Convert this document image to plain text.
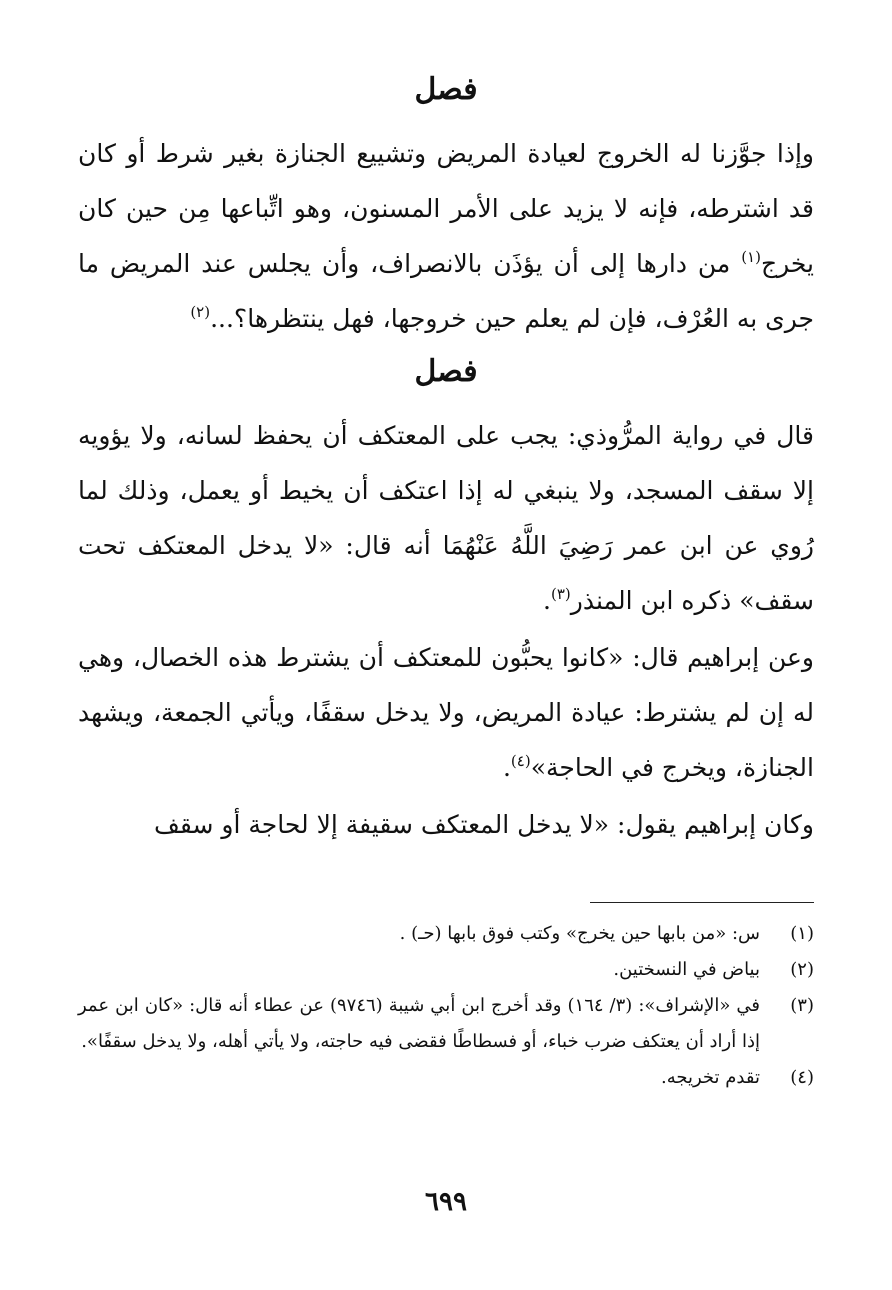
فصل

وإذا جوَّزنا له الخروج لعيادة المريض وتشييع الجنازة بغير شرط أو كان قد اشترطه، فإنه لا يزيد على الأمر المسنون، وهو اتِّباعها مِن حين كان يخرج$^{(١)}$ من دارها إلى أن يؤذَن بالانصراف، وأن يجلس عند المريض ما جرى به العُرْف، فإن لم يعلم حين خروجها، فهل ينتظرها؟...$^{(٢)}$

فصل

قال في رواية المرُّوذي: يجب على المعتكف أن يحفظ لسانه، ولا يؤويه إلا سقف المسجد، ولا ينبغي له إذا اعتكف أن يخيط أو يعمل، وذلك لما رُوي عن ابن عمر رَضِيَ اللَّهُ عَنْهُمَا أنه قال: «لا يدخل المعتكف تحت سقف» ذكره ابن المنذر$^{(٣)}$.

وعن إبراهيم قال: «كانوا يحبُّون للمعتكف أن يشترط هذه الخصال، وهي له إن لم يشترط: عيادة المريض، ولا يدخل سقفًا، ويأتي الجمعة، ويشهد الجنازة، ويخرج في الحاجة»$^{(٤)}$.

وكان إبراهيم يقول: «لا يدخل المعتكف سقيفة إلا لحاجة أو سقف

(١)
س: «من بابها حين يخرج» وكتب فوق بابها (حـ) .
(٢)
بياض في النسختين.
(٣)
في «الإشراف»: (٣/ ١٦٤) وقد أخرج ابن أبي شيبة (٩٧٤٦) عن عطاء أنه قال: «كان ابن عمر إذا أراد أن يعتكف ضرب خباء، أو فسطاطًا فقضى فيه حاجته، ولا يأتي أهله، ولا يدخل سقفًا».
(٤)
تقدم تخريجه.
٦٩٩
